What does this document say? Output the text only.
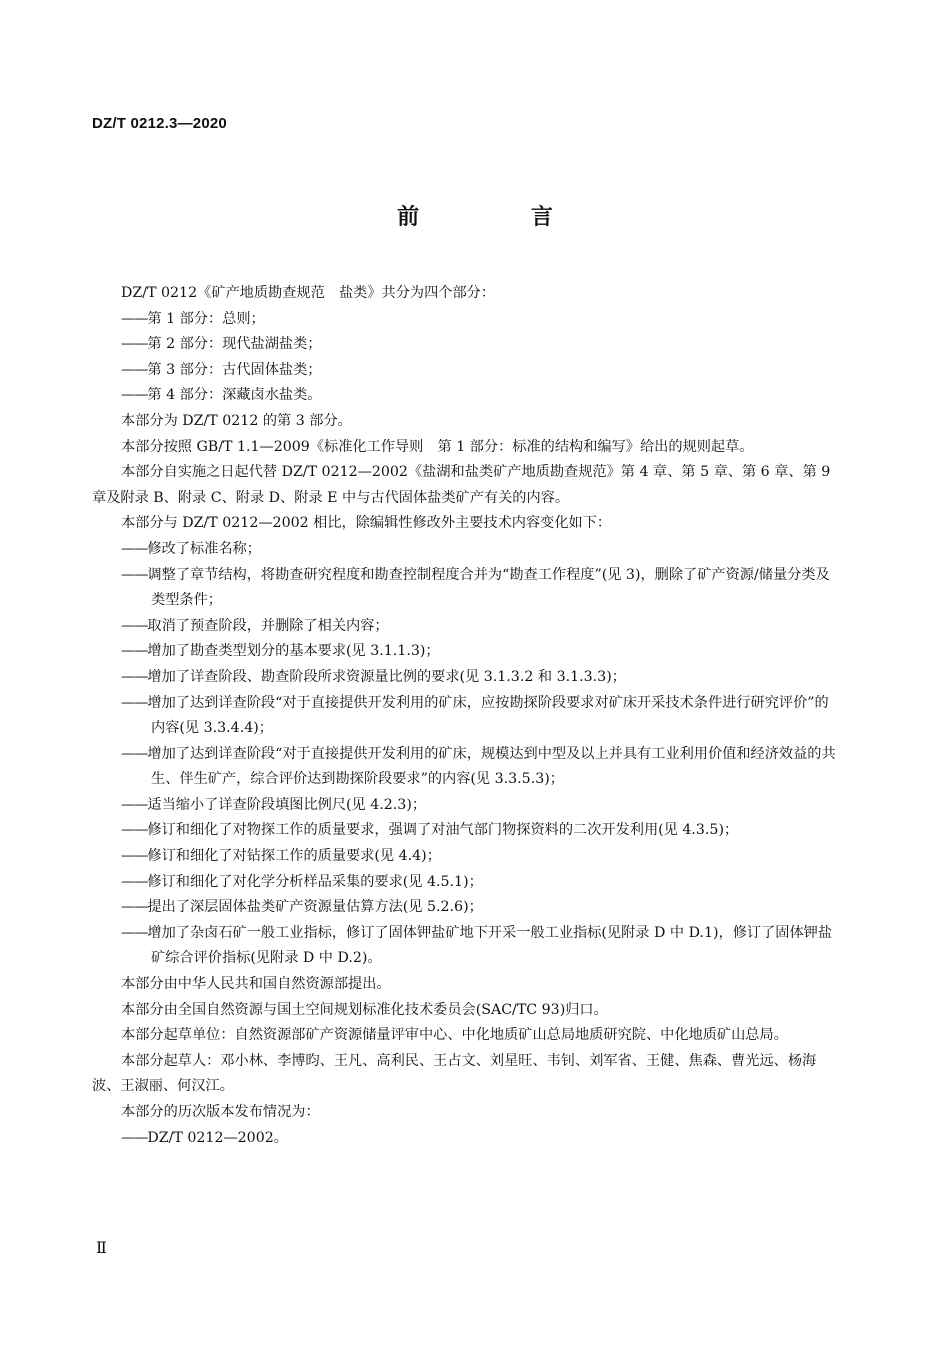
DZ/T 0212.3—2020
前 言
DZ/T 0212《矿产地质勘查规范　盐类》共分为四个部分：
——第 1 部分：总则；
——第 2 部分：现代盐湖盐类；
——第 3 部分：古代固体盐类；
——第 4 部分：深藏卤水盐类。
本部分为 DZ/T 0212 的第 3 部分。
本部分按照 GB/T 1.1—2009《标准化工作导则　第 1 部分：标准的结构和编写》给出的规则起草。
本部分自实施之日起代替 DZ/T 0212—2002《盐湖和盐类矿产地质勘查规范》第 4 章、第 5 章、第 6 章、第 9 章及附录 B、附录 C、附录 D、附录 E 中与古代固体盐类矿产有关的内容。
本部分与 DZ/T 0212—2002 相比，除编辑性修改外主要技术内容变化如下：
——修改了标准名称；
——调整了章节结构，将勘查研究程度和勘查控制程度合并为“勘查工作程度”(见 3)，删除了矿产资源/储量分类及类型条件；
——取消了预查阶段，并删除了相关内容；
——增加了勘查类型划分的基本要求(见 3.1.1.3)；
——增加了详查阶段、勘查阶段所求资源量比例的要求(见 3.1.3.2 和 3.1.3.3)；
——增加了达到详查阶段“对于直接提供开发利用的矿床，应按勘探阶段要求对矿床开采技术条件进行研究评价”的内容(见 3.3.4.4)；
——增加了达到详查阶段“对于直接提供开发利用的矿床，规模达到中型及以上并具有工业利用价值和经济效益的共生、伴生矿产，综合评价达到勘探阶段要求”的内容(见 3.3.5.3)；
——适当缩小了详查阶段填图比例尺(见 4.2.3)；
——修订和细化了对物探工作的质量要求，强调了对油气部门物探资料的二次开发利用(见 4.3.5)；
——修订和细化了对钻探工作的质量要求(见 4.4)；
——修订和细化了对化学分析样品采集的要求(见 4.5.1)；
——提出了深层固体盐类矿产资源量估算方法(见 5.2.6)；
——增加了杂卤石矿一般工业指标，修订了固体钾盐矿地下开采一般工业指标(见附录 D 中 D.1)，修订了固体钾盐矿综合评价指标(见附录 D 中 D.2)。
本部分由中华人民共和国自然资源部提出。
本部分由全国自然资源与国土空间规划标准化技术委员会(SAC/TC 93)归口。
本部分起草单位：自然资源部矿产资源储量评审中心、中化地质矿山总局地质研究院、中化地质矿山总局。
本部分起草人：邓小林、李博昀、王凡、高利民、王占文、刘星旺、韦钊、刘军省、王健、焦森、曹光远、杨海波、王淑丽、何汉江。
本部分的历次版本发布情况为：
——DZ/T 0212—2002。
Ⅱ
